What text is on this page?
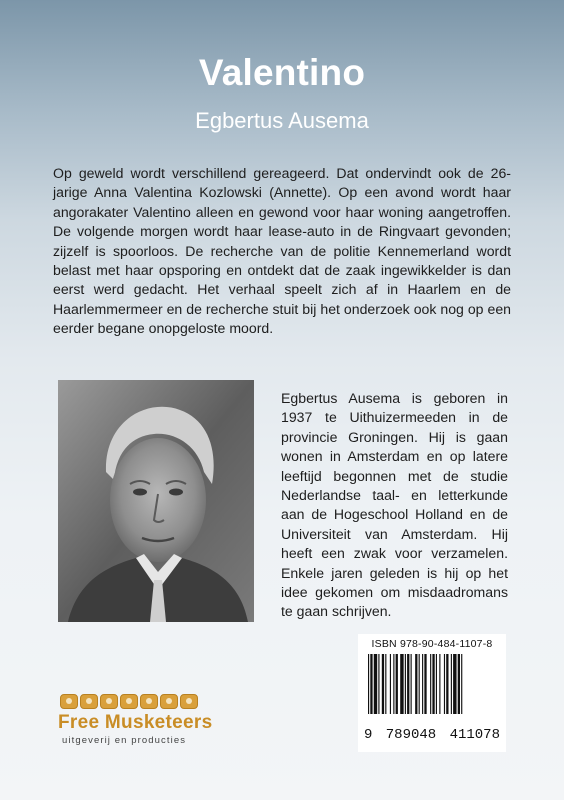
Valentino
Egbertus Ausema
Op geweld wordt verschillend gereageerd. Dat ondervindt ook de 26-jarige Anna Valentina Kozlowski (Annette). Op een avond wordt haar angorakater Valentino alleen en gewond voor haar woning aangetroffen. De volgende morgen wordt haar lease-auto in de Ringvaart gevonden; zijzelf is spoorloos. De recherche van de politie Kennemerland wordt belast met haar opsporing en ontdekt dat de zaak ingewikkelder is dan eerst werd gedacht. Het verhaal speelt zich af in Haarlem en de Haarlemmermeer en de recherche stuit bij het onderzoek ook nog op een eerder begane onopgeloste moord.
Egbertus Ausema is geboren in 1937 te Uithuizermeeden in de provincie Groningen. Hij is gaan wonen in Amsterdam en op latere leeftijd begonnen met de studie Nederlandse taal- en letterkunde aan de Hogeschool Holland en de Universiteit van Amsterdam. Hij heeft een zwak voor verzamelen. Enkele jaren geleden is hij op het idee gekomen om misdaadromans te gaan schrijven.
ISBN 978-90-484-1107-8
9 789048 411078
Free Musketeers
uitgeverij en producties
